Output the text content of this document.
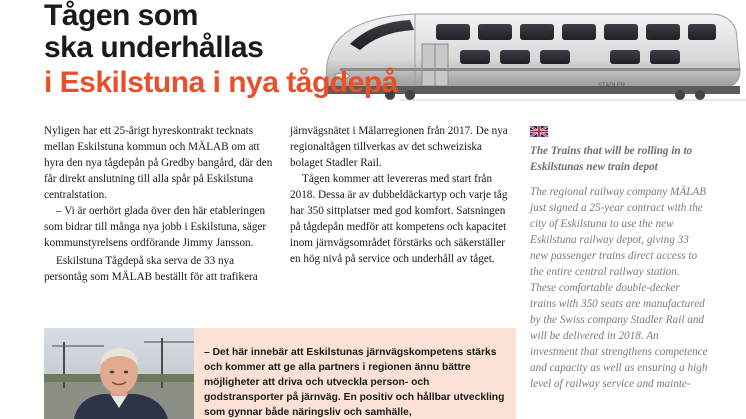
STADLER
Tågen som
ska underhållas
i Eskilstuna i nya tågdepå

Nyligen har ett 25-årigt hyreskontrakt tecknats mellan Eskilstuna kommun och MÄLAB om att hyra den nya tågdepån på Gredby bangård, där den får direkt anslutning till alla spår på Eskilstuna centralstation.

– Vi är oerhört glada över den här etableringen som bidrar till många nya jobb i Eskilstuna, säger kommunstyrelsens ordförande Jimmy Jansson.

Eskilstuna Tågdepå ska serva de 33 nya persontåg som MÄLAB beställt för att trafikera

järnvägsnätet i Mälarregionen från 2017. De nya regionaltågen tillverkas av det schweiziska bolaget Stadler Rail.

Tågen kommer att levereras med start från 2018. Dessa är av dubbeldäckartyp och varje tåg har 350 sittplatser med god komfort. Satsningen på tågdepån medför att kompetens och kapacitet inom järnvägsområdet förstärks och säkerställer en hög nivå på service och underhåll av tåget.

The Trains that will be rolling in to Eskilstunas new train depot
The regional railway company MÄLAB just signed a 25-year contract with the city of Eskilstuna to use the new Eskilstuna railway depot, giving 33 new passenger trains direct access to the entire central railway station. These comfortable double-decker trains with 350 seats are manufactured by the Swiss company Stadler Rail and will be delivered in 2018. An investment that strengthens competence and capacity as well as ensuring a high level of railway service and mainte-
– Det här innebär att Eskilstunas järnvägskompetens stärks och kommer att ge alla partners i regionen ännu bättre möjligheter att driva och utveckla person- och godstransporter på järnväg. En positiv och hållbar utveckling som gynnar både näringsliv och samhälle,
